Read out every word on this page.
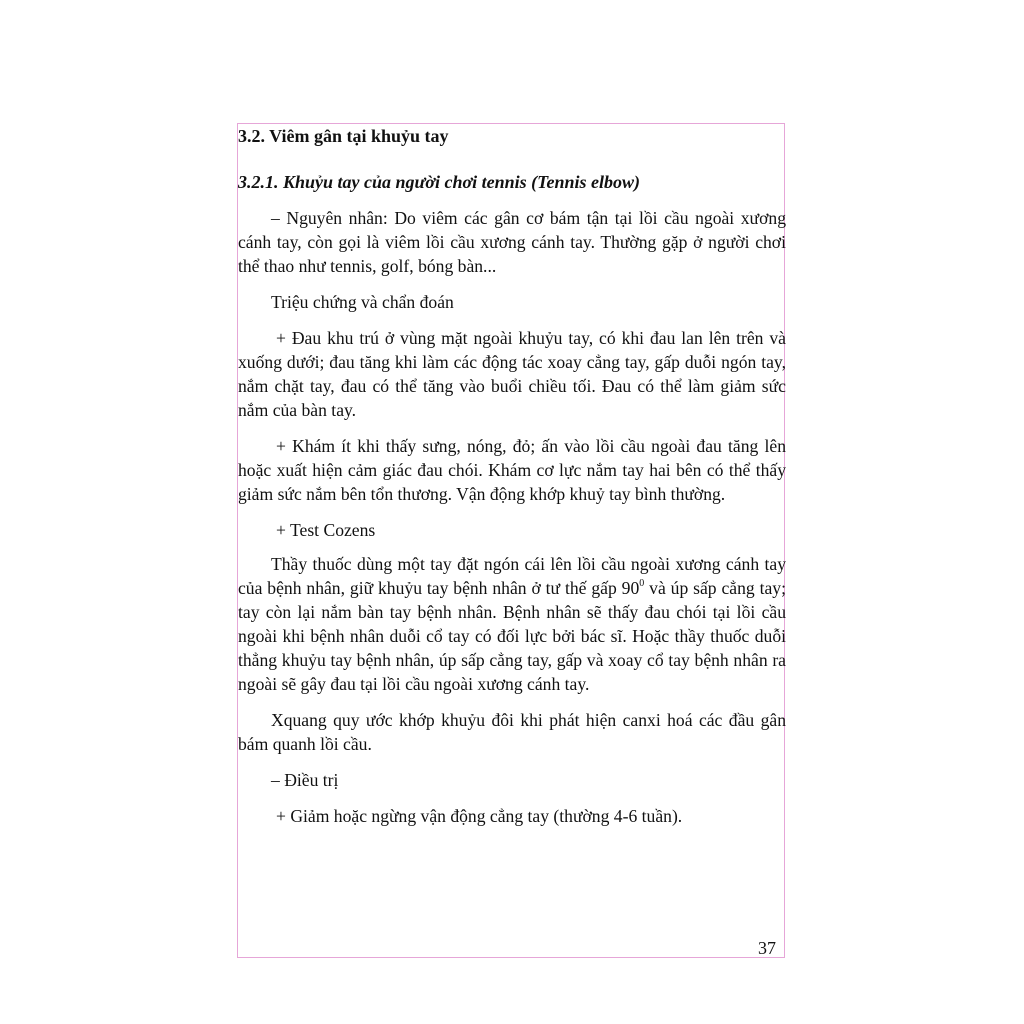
3.2. Viêm gân tại khuỷu tay
3.2.1. Khuỷu tay của người chơi tennis (Tennis elbow)

– Nguyên nhân: Do viêm các gân cơ bám tận tại lồi cầu ngoài xương cánh tay, còn gọi là viêm lồi cầu xương cánh tay. Thường gặp ở người chơi thể thao như tennis, golf, bóng bàn...

Triệu chứng và chẩn đoán

+ Đau khu trú ở vùng mặt ngoài khuỷu tay, có khi đau lan lên trên và xuống dưới; đau tăng khi làm các động tác xoay cẳng tay, gấp duỗi ngón tay, nắm chặt tay, đau có thể tăng vào buổi chiều tối. Đau có thể làm giảm sức nắm của bàn tay.

+ Khám ít khi thấy sưng, nóng, đỏ; ấn vào lồi cầu ngoài đau tăng lên hoặc xuất hiện cảm giác đau chói. Khám cơ lực nắm tay hai bên có thể thấy giảm sức nắm bên tổn thương. Vận động khớp khuỷ tay bình thường.

+ Test Cozens

Thầy thuốc dùng một tay đặt ngón cái lên lồi cầu ngoài xương cánh tay của bệnh nhân, giữ khuỷu tay bệnh nhân ở tư thế gấp $90^0$ và úp sấp cẳng tay; tay còn lại nắm bàn tay bệnh nhân. Bệnh nhân sẽ thấy đau chói tại lồi cầu ngoài khi bệnh nhân duỗi cổ tay có đối lực bởi bác sĩ. Hoặc thầy thuốc duỗi thẳng khuỷu tay bệnh nhân, úp sấp cẳng tay, gấp và xoay cổ tay bệnh nhân ra ngoài sẽ gây đau tại lồi cầu ngoài xương cánh tay.

Xquang quy ước khớp khuỷu đôi khi phát hiện canxi hoá các đầu gân bám quanh lồi cầu.

– Điều trị

+ Giảm hoặc ngừng vận động cẳng tay (thường 4-6 tuần).

37
